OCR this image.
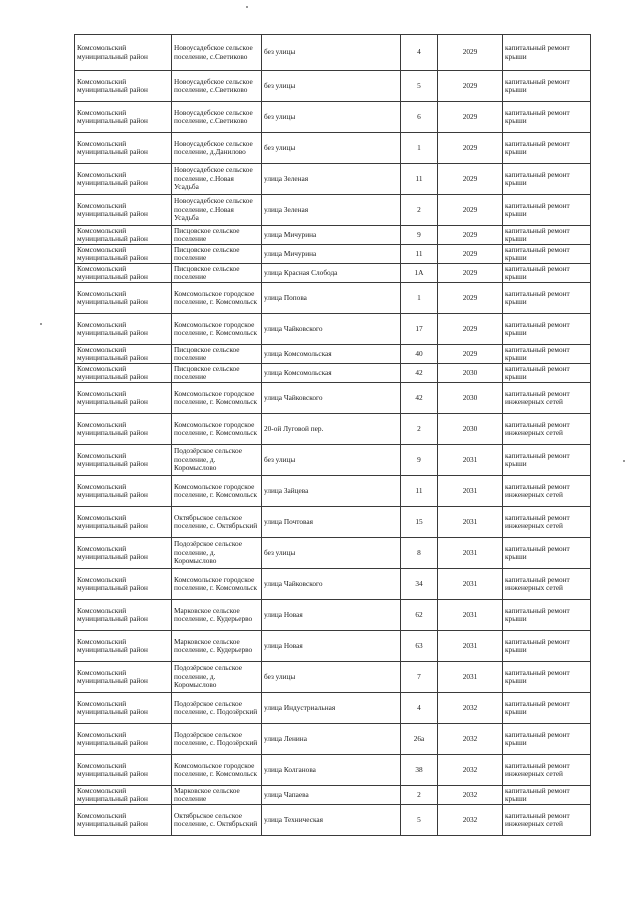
Комсомольский муниципальный район	Новоусадебское сельское поселение, с.Светиково	без улицы	4	2029	капитальный ремонт крыши
Комсомольский муниципальный район	Новоусадебское сельское поселение, с.Светиково	без улицы	5	2029	капитальный ремонт крыши
Комсомольский муниципальный район	Новоусадебское сельское поселение, с.Светиково	без улицы	6	2029	капитальный ремонт крыши
Комсомольский муниципальный район	Новоусадебское сельское поселение, д.Данилово	без улицы	1	2029	капитальный ремонт крыши
Комсомольский муниципальный район	Новоусадебское сельское поселение, с.Новая Усадьба	улица Зеленая	11	2029	капитальный ремонт крыши
Комсомольский муниципальный район	Новоусадебское сельское поселение, с.Новая Усадьба	улица Зеленая	2	2029	капитальный ремонт крыши
Комсомольский муниципальный район	Писцовское сельское поселение	улица Мичурина	9	2029	капитальный ремонт крыши
Комсомольский муниципальный район	Писцовское сельское поселение	улица Мичурина	11	2029	капитальный ремонт крыши
Комсомольский муниципальный район	Писцовское сельское поселение	улица Красная Слобода	1А	2029	капитальный ремонт крыши
Комсомольский муниципальный район	Комсомольское городское поселение, г. Комсомольск	улица Попова	1	2029	капитальный ремонт крыши
Комсомольский муниципальный район	Комсомольское городское поселение, г. Комсомольск	улица Чайковского	17	2029	капитальный ремонт крыши
Комсомольский муниципальный район	Писцовское сельское поселение	улица Комсомольская	40	2029	капитальный ремонт крыши
Комсомольский муниципальный район	Писцовское сельское поселение	улица Комсомольская	42	2030	капитальный ремонт крыши
Комсомольский муниципальный район	Комсомольское городское поселение, г. Комсомольск	улица Чайковского	42	2030	капитальный ремонт инженерных сетей
Комсомольский муниципальный район	Комсомольское городское поселение, г. Комсомольск	20-ой Луговой пер.	2	2030	капитальный ремонт инженерных сетей
Комсомольский муниципальный район	Подозёрское сельское поселение, д. Коромыслово	без улицы	9	2031	капитальный ремонт крыши
Комсомольский муниципальный район	Комсомольское городское поселение, г. Комсомольск	улица Зайцева	11	2031	капитальный ремонт инженерных сетей
Комсомольский муниципальный район	Октябрьское сельское поселение, с. Октябрьский	улица Почтовая	15	2031	капитальный ремонт инженерных сетей
Комсомольский муниципальный район	Подозёрское сельское поселение, д. Коромыслово	без улицы	8	2031	капитальный ремонт крыши
Комсомольский муниципальный район	Комсомольское городское поселение, г. Комсомольск	улица Чайковского	34	2031	капитальный ремонт инженерных сетей
Комсомольский муниципальный район	Марковское сельское поселение, с. Кудерьерво	улица Новая	62	2031	капитальный ремонт крыши
Комсомольский муниципальный район	Марковское сельское поселение, с. Кудерьерво	улица Новая	63	2031	капитальный ремонт крыши
Комсомольский муниципальный район	Подозёрское сельское поселение, д. Коромыслово	без улицы	7	2031	капитальный ремонт крыши
Комсомольский муниципальный район	Подозёрское сельское поселение, с. Подозёрский	улица Индустриальная	4	2032	капитальный ремонт крыши
Комсомольский муниципальный район	Подозёрское сельское поселение, с. Подозёрский	улица Ленина	26а	2032	капитальный ремонт крыши
Комсомольский муниципальный район	Комсомольское городское поселение, г. Комсомольск	улица Колганова	38	2032	капитальный ремонт инженерных сетей
Комсомольский муниципальный район	Марковское сельское поселение	улица Чапаева	2	2032	капитальный ремонт крыши
Комсомольский муниципальный район	Октябрьское сельское поселение, с. Октябрьский	улица Техническая	5	2032	капитальный ремонт инженерных сетей
